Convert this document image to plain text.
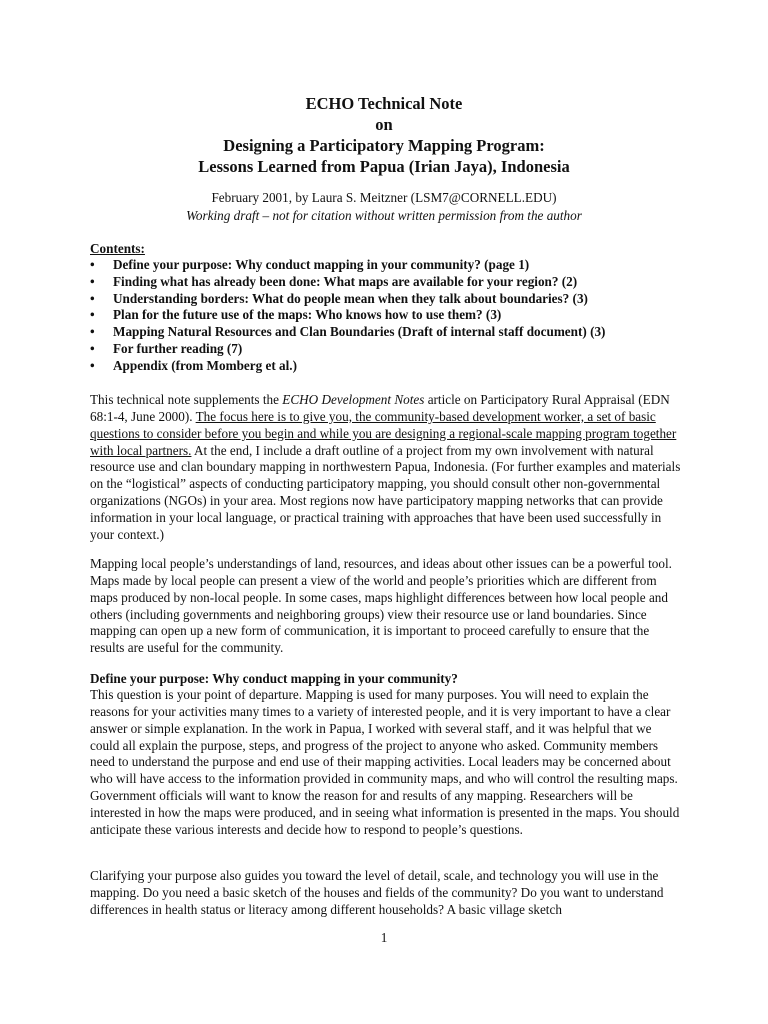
ECHO Technical Note
on
Designing a Participatory Mapping Program:
Lessons Learned from Papua (Irian Jaya), Indonesia
February 2001, by Laura S. Meitzner (LSM7@CORNELL.EDU)
Working draft – not for citation without written permission from the author
Contents:
• Define your purpose: Why conduct mapping in your community? (page 1)
• Finding what has already been done: What maps are available for your region? (2)
• Understanding borders: What do people mean when they talk about boundaries? (3)
• Plan for the future use of the maps: Who knows how to use them? (3)
• Mapping Natural Resources and Clan Boundaries (Draft of internal staff document) (3)
• For further reading (7)
• Appendix (from Momberg et al.)

This technical note supplements the ECHO Development Notes article on Participatory Rural Appraisal (EDN 68:1-4, June 2000). The focus here is to give you, the community-based development worker, a set of basic questions to consider before you begin and while you are designing a regional-scale mapping program together with local partners. At the end, I include a draft outline of a project from my own involvement with natural resource use and clan boundary mapping in northwestern Papua, Indonesia. (For further examples and materials on the “logistical” aspects of conducting participatory mapping, you should consult other non-governmental organizations (NGOs) in your area. Most regions now have participatory mapping networks that can provide information in your local language, or practical training with approaches that have been used successfully in your context.)

Mapping local people’s understandings of land, resources, and ideas about other issues can be a powerful tool. Maps made by local people can present a view of the world and people’s priorities which are different from maps produced by non-local people. In some cases, maps highlight differences between how local people and others (including governments and neighboring groups) view their resource use or land boundaries. Since mapping can open up a new form of communication, it is important to proceed carefully to ensure that the results are useful for the community.

Define your purpose: Why conduct mapping in your community?

This question is your point of departure. Mapping is used for many purposes. You will need to explain the reasons for your activities many times to a variety of interested people, and it is very important to have a clear answer or simple explanation. In the work in Papua, I worked with several staff, and it was helpful that we could all explain the purpose, steps, and progress of the project to anyone who asked. Community members need to understand the purpose and end use of their mapping activities. Local leaders may be concerned about who will have access to the information provided in community maps, and who will control the resulting maps. Government officials will want to know the reason for and results of any mapping. Researchers will be interested in how the maps were produced, and in seeing what information is presented in the maps. You should anticipate these various interests and decide how to respond to people’s questions.

Clarifying your purpose also guides you toward the level of detail, scale, and technology you will use in the mapping. Do you need a basic sketch of the houses and fields of the community? Do you want to understand differences in health status or literacy among different households? A basic village sketch

1
